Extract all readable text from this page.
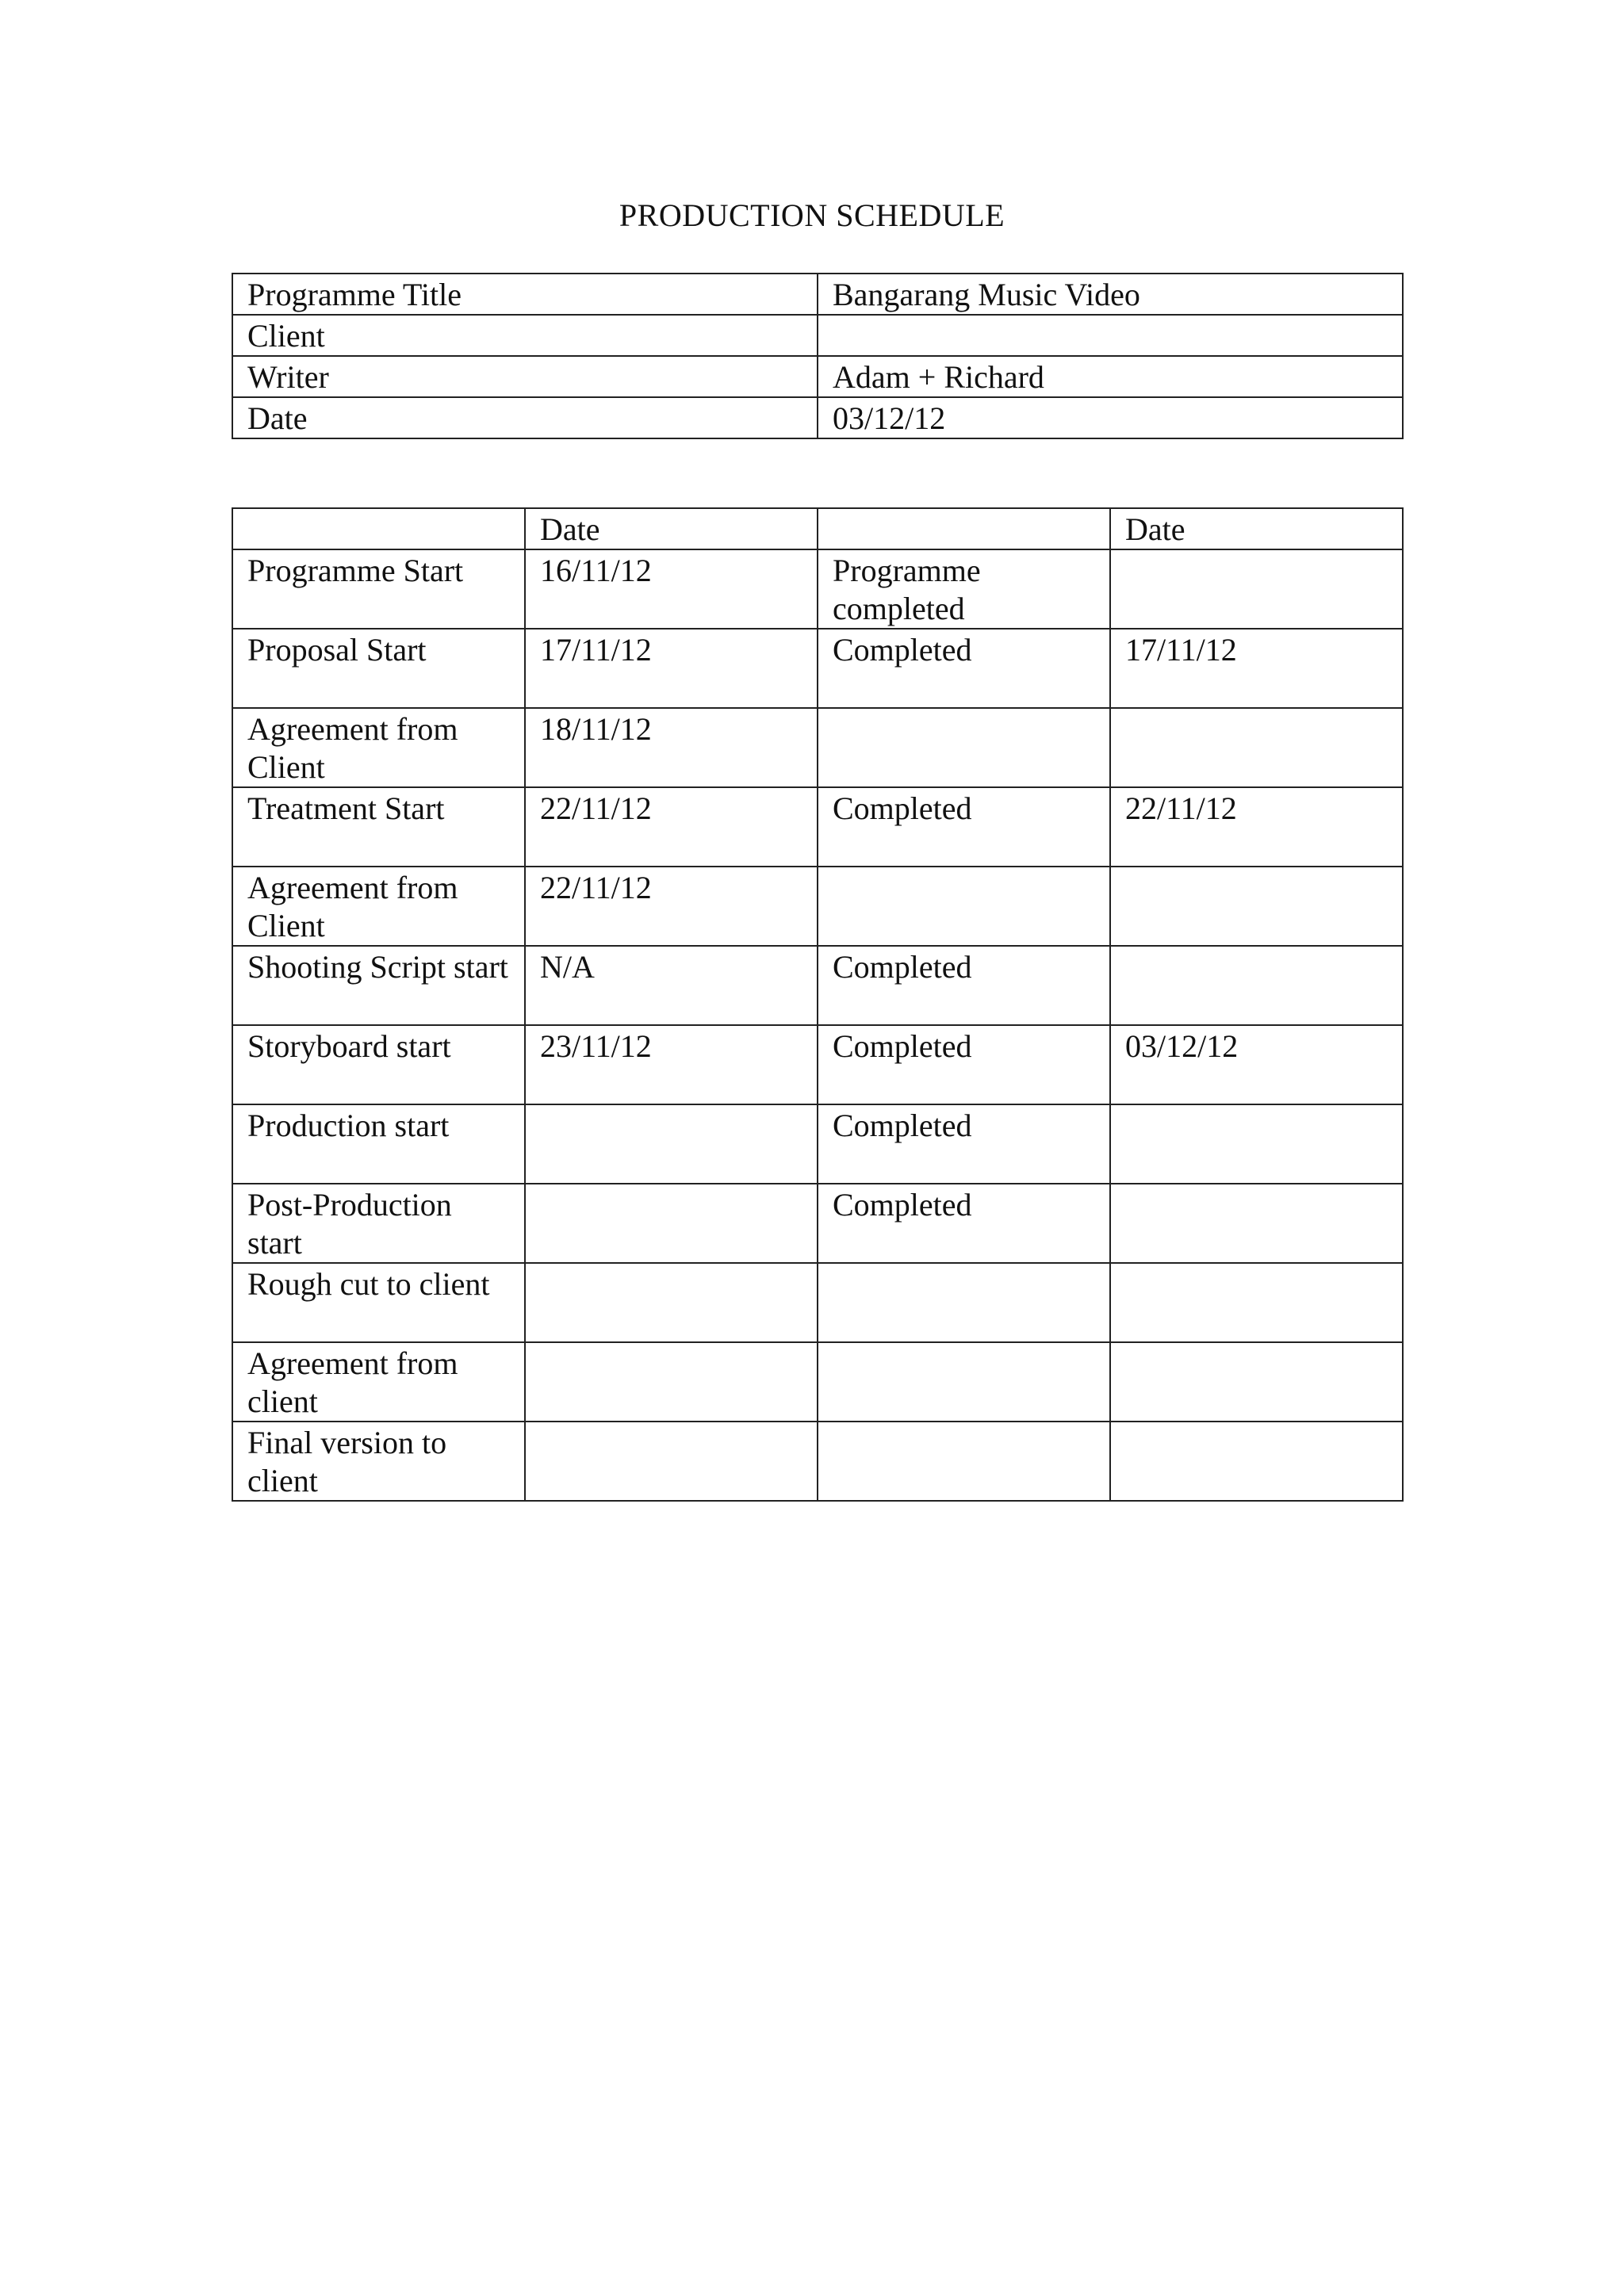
PRODUCTION SCHEDULE
Programme Title	Bangarang Music Video
Client	
Writer	Adam + Richard
Date	03/12/12
	Date		Date
Programme Start	16/11/12	Programme completed	
Proposal Start	17/11/12	Completed	17/11/12
Agreement from Client	18/11/12		
Treatment Start	22/11/12	Completed	22/11/12
Agreement from Client	22/11/12		
Shooting Script start	N/A	Completed	
Storyboard start	23/11/12	Completed	03/12/12
Production start		Completed	
Post-Production start		Completed	
Rough cut to client			
Agreement from client			
Final version to client			
